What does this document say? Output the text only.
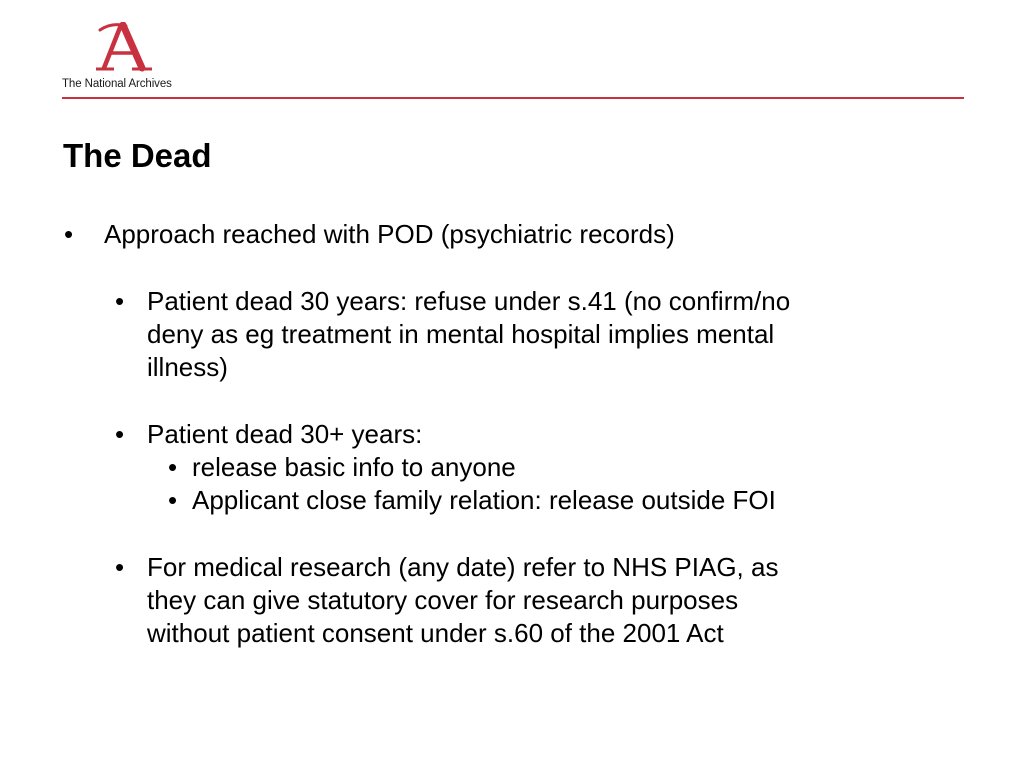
The National Archives
The Dead
•	Approach reached with POD (psychiatric records)
• Patient dead 30 years: refuse under s.41 (no confirm/no
deny as eg treatment in mental hospital implies mental
illness)
• Patient dead 30+ years:
• release basic info to anyone
• Applicant close family relation: release outside FOI
• For medical research (any date) refer to NHS PIAG, as
they can give statutory cover for research purposes
without patient consent under s.60 of the 2001 Act
